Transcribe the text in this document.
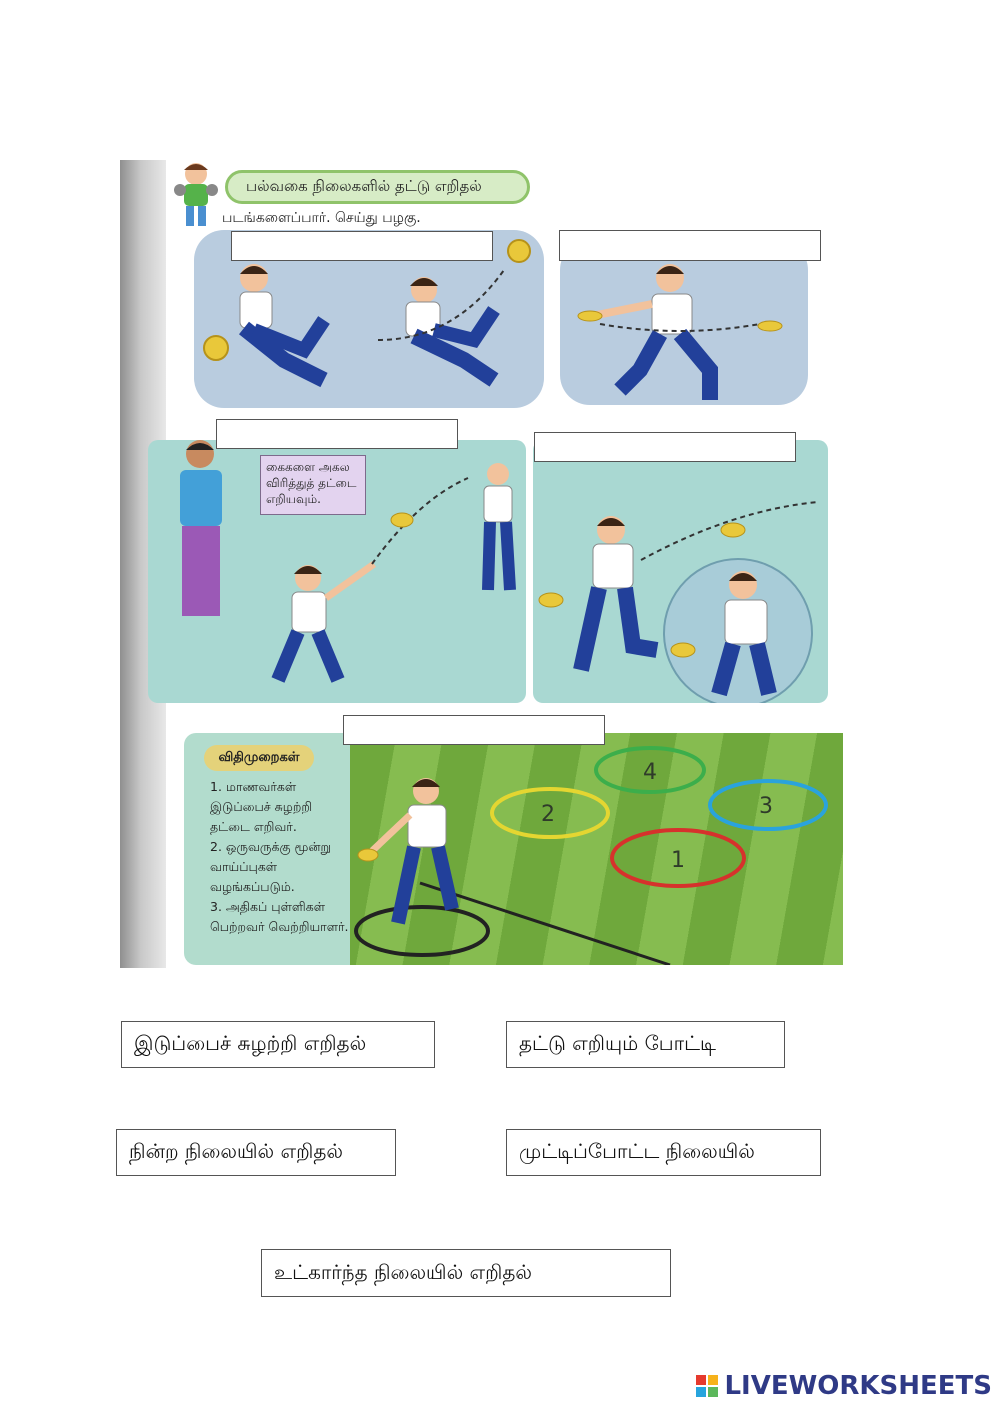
பல்வகை நிலைகளில் தட்டு எறிதல்
படங்களைப்பார். செய்து பழகு.
கைகளை அகல விரித்துத் தட்டை எறியவும்.
விதிமுறைகள்
1. மாணவர்கள் இடுப்பைச் சுழற்றி தட்டை எறிவர்.
2. ஒருவருக்கு மூன்று வாய்ப்புகள் வழங்கப்படும்.
3. அதிகப் புள்ளிகள் பெற்றவர் வெற்றியாளர்.
4
2	3
1
இடுப்பைச் சுழற்றி எறிதல்	தட்டு எறியும் போட்டி
நின்ற நிலையில் எறிதல்	முட்டிப்போட்ட நிலையில்
உட்கார்ந்த நிலையில் எறிதல்
LIVEWORKSHEETS
